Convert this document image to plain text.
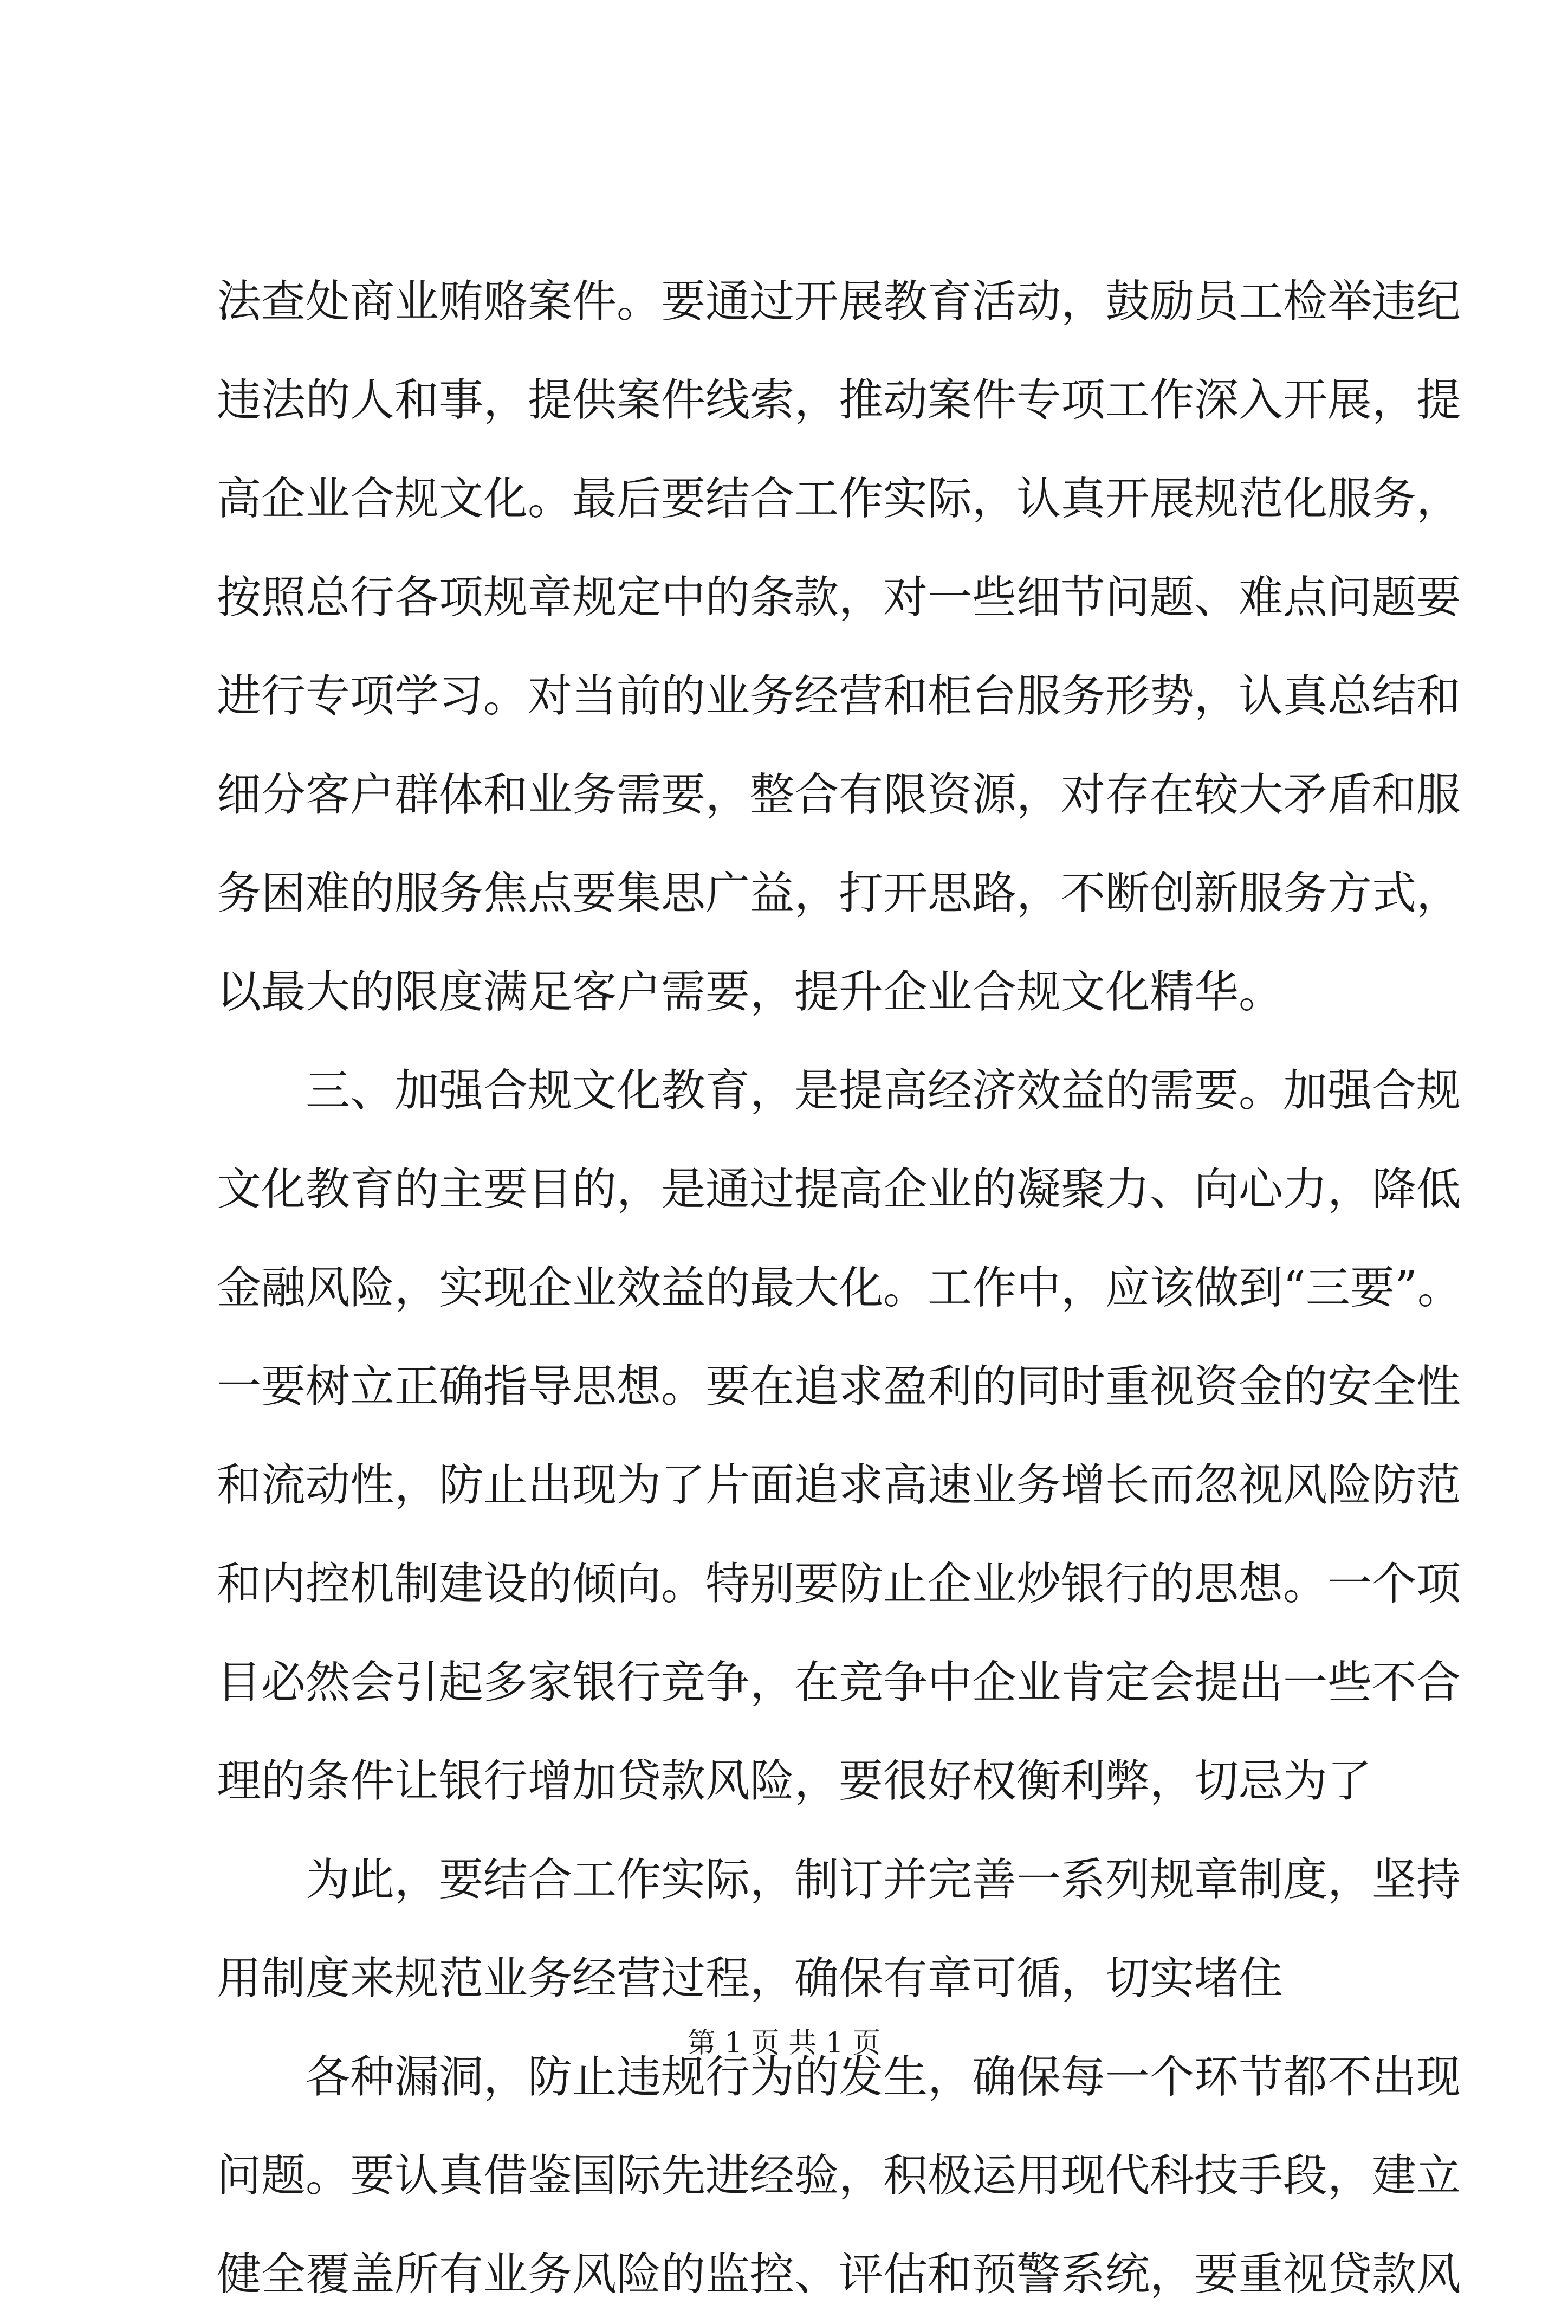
法查处商业贿赂案件。要通过开展教育活动，鼓励员工检举违纪
违法的人和事，提供案件线索，推动案件专项工作深入开展，提
高企业合规文化。最后要结合工作实际，认真开展规范化服务，
按照总行各项规章规定中的条款，对一些细节问题、难点问题要
进行专项学习。对当前的业务经营和柜台服务形势，认真总结和
细分客户群体和业务需要，整合有限资源，对存在较大矛盾和服
务困难的服务焦点要集思广益，打开思路，不断创新服务方式，
以最大的限度满足客户需要，提升企业合规文化精华。
三、加强合规文化教育，是提高经济效益的需要。加强合规
文化教育的主要目的，是通过提高企业的凝聚力、向心力，降低
金融风险，实现企业效益的最大化。工作中，应该做到“三要”。
一要树立正确指导思想。要在追求盈利的同时重视资金的安全性
和流动性，防止出现为了片面追求高速业务增长而忽视风险防范
和内控机制建设的倾向。特别要防止企业炒银行的思想。一个项
目必然会引起多家银行竞争，在竞争中企业肯定会提出一些不合
理的条件让银行增加贷款风险，要很好权衡利弊，切忌为了
为此，要结合工作实际，制订并完善一系列规章制度，坚持
用制度来规范业务经营过程，确保有章可循，切实堵住
各种漏洞，防止违规行为的发生，确保每一个环节都不出现
问题。要认真借鉴国际先进经验，积极运用现代科技手段，建立
健全覆盖所有业务风险的监控、评估和预警系统，要重视贷款风
第 1 页 共 1 页
